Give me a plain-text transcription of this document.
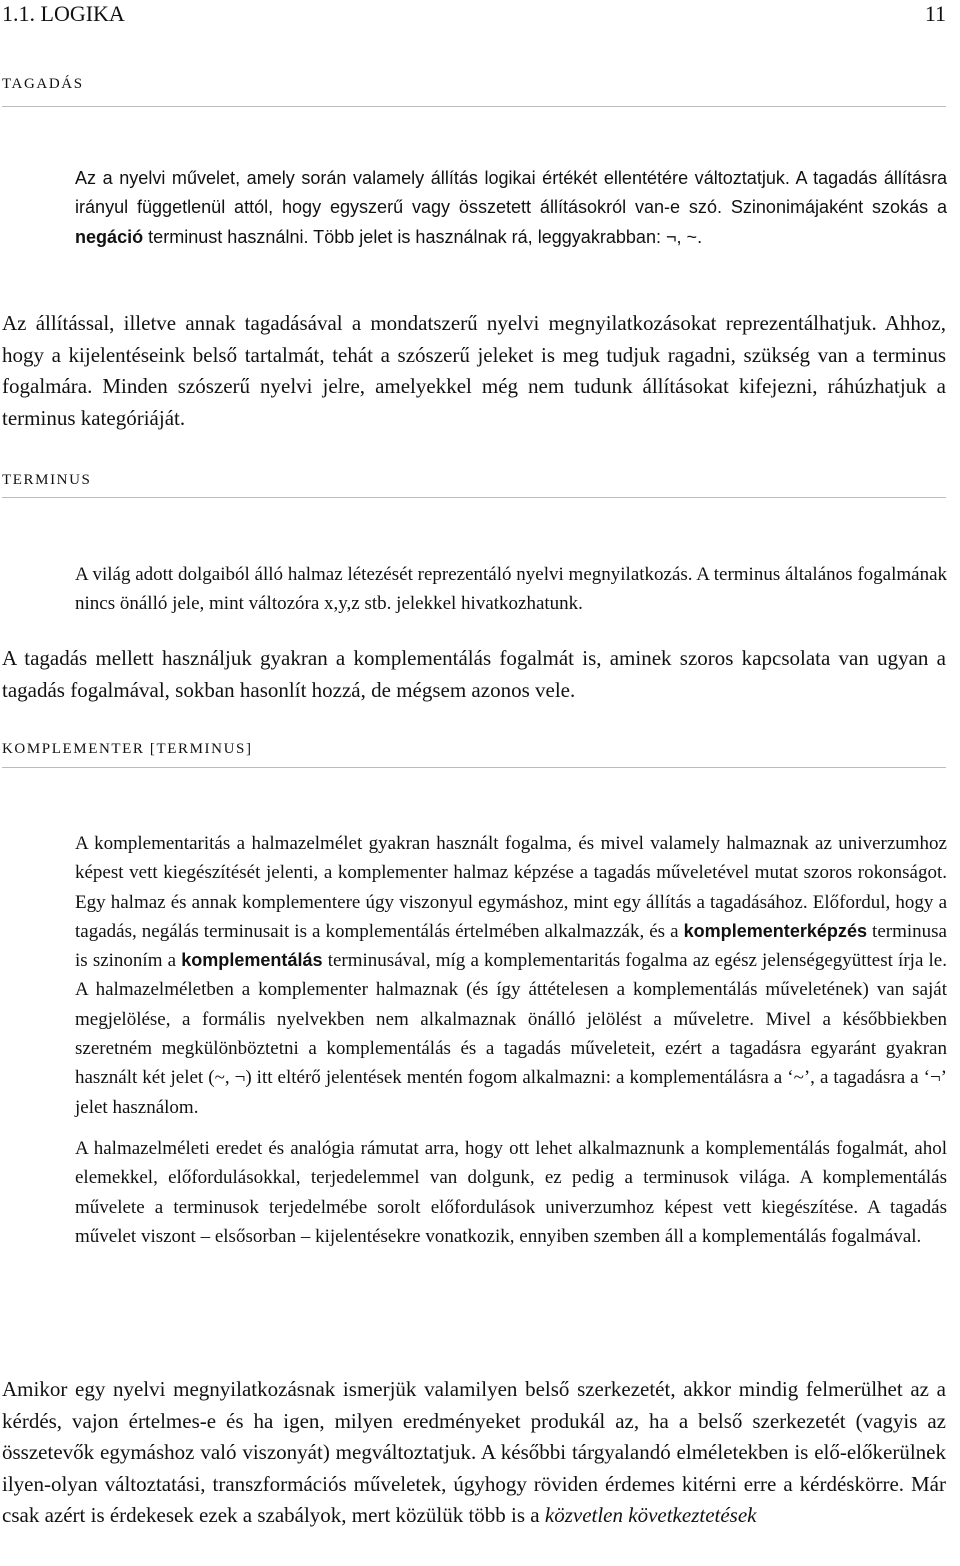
1.1. LOGIKA	11
TAGADÁS

Az a nyelvi művelet, amely során valamely állítás logikai értékét ellentétére változtatjuk. A tagadás állításra irányul függetlenül attól, hogy egyszerű vagy összetett állításokról van-e szó. Szinonimájaként szokás a negáció terminust használni. Több jelet is használnak rá, leggyakrabban: ¬, ~.

Az állítással, illetve annak tagadásával a mondatszerű nyelvi megnyilatkozásokat reprezentálhatjuk. Ahhoz, hogy a kijelentéseink belső tartalmát, tehát a szószerű jeleket is meg tudjuk ragadni, szükség van a terminus fogalmára. Minden szószerű nyelvi jelre, amelyekkel még nem tudunk állításokat kifejezni, ráhúzhatjuk a terminus kategóriáját.

TERMINUS

A világ adott dolgaiból álló halmaz létezését reprezentáló nyelvi megnyilatkozás. A terminus általános fogalmának nincs önálló jele, mint változóra x,y,z stb. jelekkel hivatkozhatunk.

A tagadás mellett használjuk gyakran a komplementálás fogalmát is, aminek szoros kapcsolata van ugyan a tagadás fogalmával, sokban hasonlít hozzá, de mégsem azonos vele.

KOMPLEMENTER [TERMINUS]

A komplementaritás a halmazelmélet gyakran használt fogalma, és mivel valamely halmaznak az univerzumhoz képest vett kiegészítését jelenti, a komplementer halmaz képzése a tagadás műveletével mutat szoros rokonságot. Egy halmaz és annak komplementere úgy viszonyul egymáshoz, mint egy állítás a tagadásához. Előfordul, hogy a tagadás, negálás terminusait is a komplementálás értelmében alkalmazzák, és a komplementerképzés terminusa is szinoním a komplementálás terminusával, míg a komplementaritás fogalma az egész jelenségegyüttest írja le. A halmazelméletben a komplementer halmaznak (és így áttételesen a komplementálás műveletének) van saját megjelölése, a formális nyelvekben nem alkalmaznak önálló jelölést a műveletre. Mivel a későbbiekben szeretném megkülönböztetni a komplementálás és a tagadás műveleteit, ezért a tagadásra egyaránt gyakran használt két jelet (~, ¬) itt eltérő jelentések mentén fogom alkalmazni: a komplementálásra a ‘~’, a tagadásra a ‘¬’ jelet használom.

A halmazelméleti eredet és analógia rámutat arra, hogy ott lehet alkalmaznunk a komplementálás fogalmát, ahol elemekkel, előfordulásokkal, terjedelemmel van dolgunk, ez pedig a terminusok világa. A komplementálás művelete a terminusok terjedelmébe sorolt előfordulások univerzumhoz képest vett kiegészítése. A tagadás művelet viszont – elsősorban – kijelentésekre vonatkozik, ennyiben szemben áll a komplementálás fogalmával.

Amikor egy nyelvi megnyilatkozásnak ismerjük valamilyen belső szerkezetét, akkor mindig felmerülhet az a kérdés, vajon értelmes-e és ha igen, milyen eredményeket produkál az, ha a belső szerkezetét (vagyis az összetevők egymáshoz való viszonyát) megváltoztatjuk. A későbbi tárgyalandó elméletekben is elő-előkerülnek ilyen-olyan változtatási, transzformációs műveletek, úgyhogy röviden érdemes kitérni erre a kérdéskörre. Már csak azért is érdekesek ezek a szabályok, mert közülük több is a közvetlen következtetések
